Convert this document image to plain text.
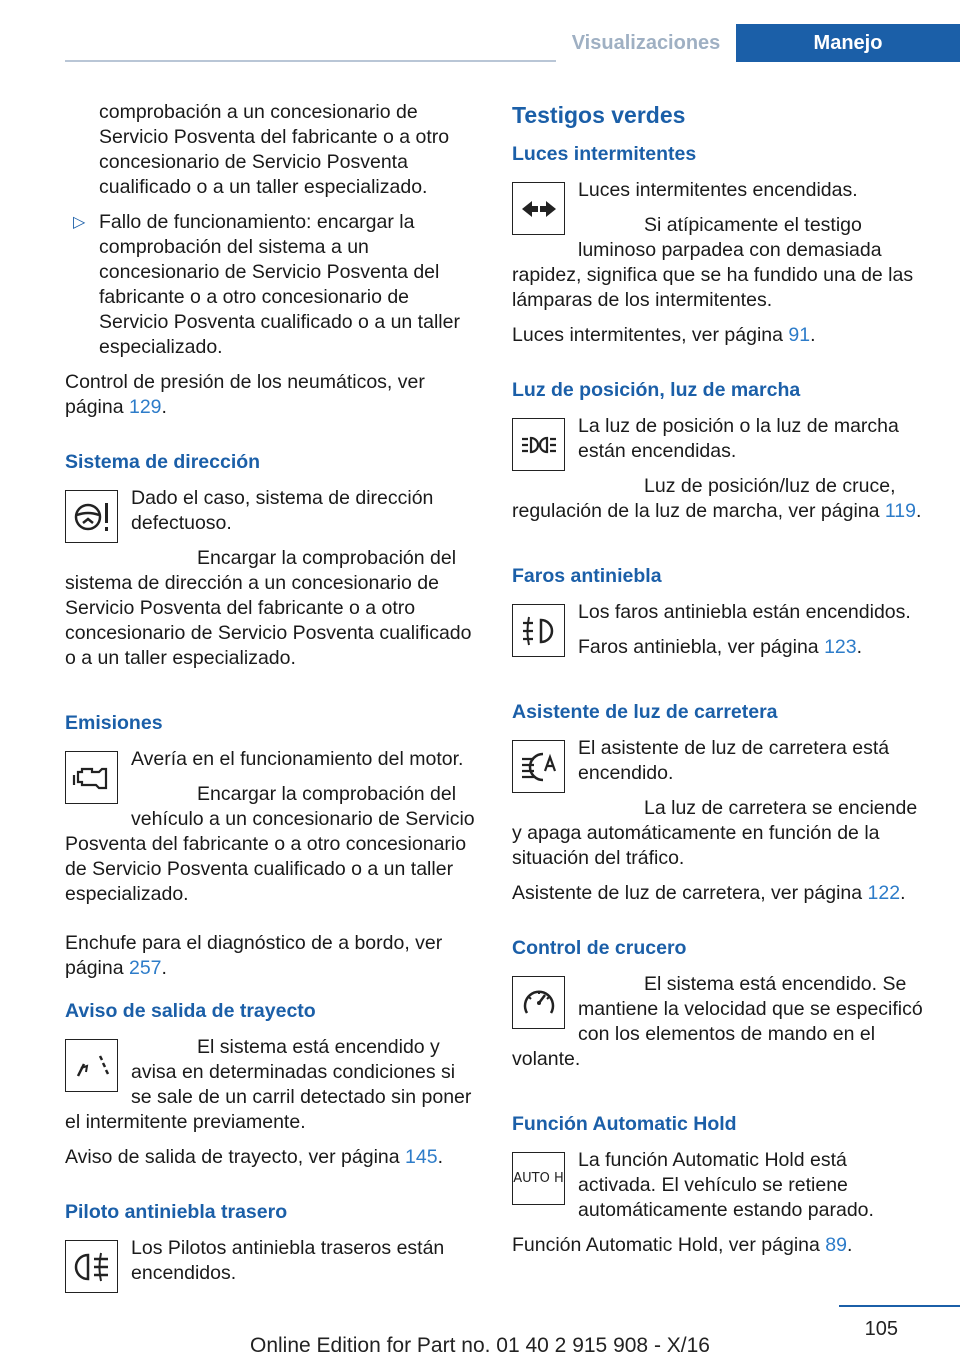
Visualizaciones	Manejo

comprobación a un concesionario de Servicio Posventa del fabricante o a otro concesionario de Servicio Posventa cualificado o a un taller especializado.

▷ Fallo de funcionamiento: encargar la comprobación del sistema a un concesionario de Servicio Posventa del fabricante o a otro concesionario de Servicio Posventa cualificado o a un taller especializado.

Control de presión de los neumáticos, ver página 129.

Sistema de dirección

Dado el caso, sistema de dirección defectuoso.

Encargar la comprobación del sistema de dirección a un concesionario de Servicio Posventa del fabricante o a otro concesionario de Servicio Posventa cualificado o a un taller especializado.

Emisiones

Avería en el funcionamiento del motor.

Encargar la comprobación del vehículo a un concesionario de Servicio Posventa del fabricante o a otro concesionario de Servicio Posventa cualificado o a un taller especializado.

Enchufe para el diagnóstico de a bordo, ver página 257.

Aviso de salida de trayecto

El sistema está encendido y avisa en determinadas condiciones si se sale de un carril detectado sin poner el intermitente previamente.

Aviso de salida de trayecto, ver página 145.

Piloto antiniebla trasero

Los Pilotos antiniebla traseros están encendidos.

Testigos verdes
Luces intermitentes

Luces intermitentes encendidas.

Si atípicamente el testigo luminoso parpadea con demasiada rapidez, significa que se ha fundido una de las lámparas de los intermitentes.

Luces intermitentes, ver página 91.

Luz de posición, luz de marcha

La luz de posición o la luz de marcha están encendidas.

Luz de posición/luz de cruce, regulación de la luz de marcha, ver página 119.

Faros antiniebla

Los faros antiniebla están encendidos.

Faros antiniebla, ver página 123.

Asistente de luz de carretera

El asistente de luz de carretera está encendido.

La luz de carretera se enciende y apaga automáticamente en función de la situación del tráfico.

Asistente de luz de carretera, ver página 122.

Control de crucero

El sistema está encendido. Se mantiene la velocidad que se especificó con los elementos de mando en el volante.

Función Automatic Hold
AUTO H

La función Automatic Hold está activada. El vehículo se retiene automáticamente estando parado.

Función Automatic Hold, ver página 89.

105
Online Edition for Part no. 01 40 2 915 908 - X/16
